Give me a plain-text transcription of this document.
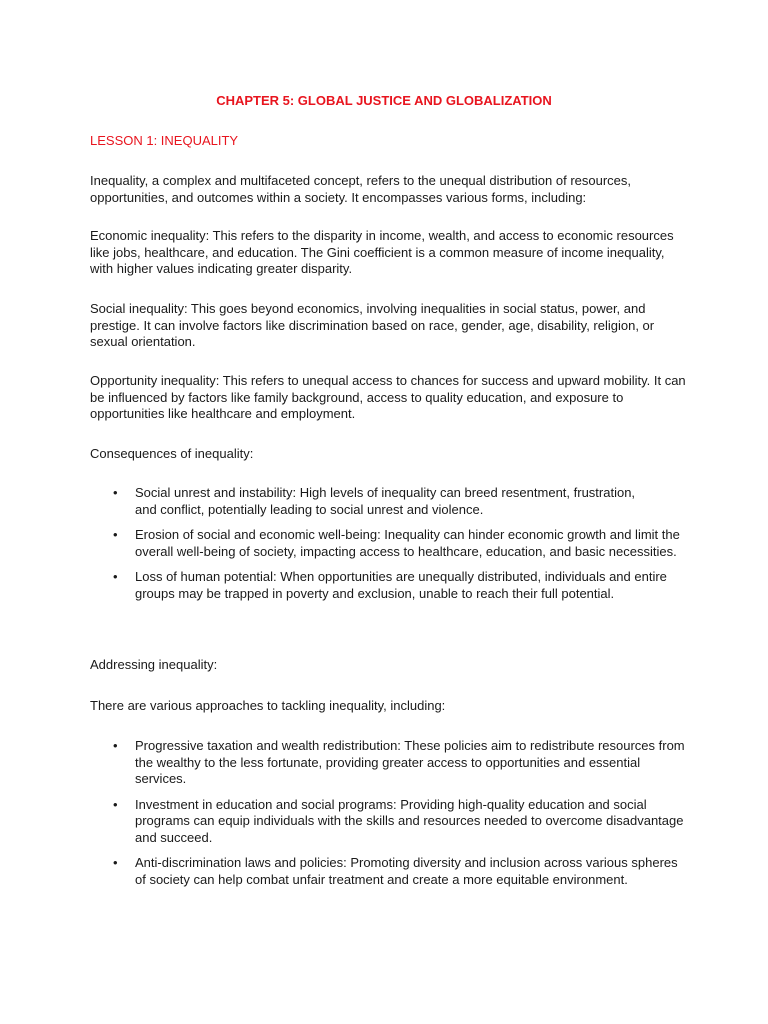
CHAPTER 5: GLOBAL JUSTICE AND GLOBALIZATION
LESSON 1: INEQUALITY

Inequality, a complex and multifaceted concept, refers to the unequal distribution of resources, opportunities, and outcomes within a society. It encompasses various forms, including:

Economic inequality: This refers to the disparity in income, wealth, and access to economic resources like jobs, healthcare, and education. The Gini coefficient is a common measure of income inequality, with higher values indicating greater disparity.

Social inequality: This goes beyond economics, involving inequalities in social status, power, and prestige. It can involve factors like discrimination based on race, gender, age, disability, religion, or sexual orientation.

Opportunity inequality: This refers to unequal access to chances for success and upward mobility. It can be influenced by factors like family background, access to quality education, and exposure to opportunities like healthcare and employment.

Consequences of inequality:

• Social unrest and instability: High levels of inequality can breed resentment, frustration, and conflict, potentially leading to social unrest and violence.
• Erosion of social and economic well-being: Inequality can hinder economic growth and limit the overall well-being of society, impacting access to healthcare, education, and basic necessities.
• Loss of human potential: When opportunities are unequally distributed, individuals and entire groups may be trapped in poverty and exclusion, unable to reach their full potential.

Addressing inequality:

There are various approaches to tackling inequality, including:

• Progressive taxation and wealth redistribution: These policies aim to redistribute resources from the wealthy to the less fortunate, providing greater access to opportunities and essential services.
• Investment in education and social programs: Providing high-quality education and social programs can equip individuals with the skills and resources needed to overcome disadvantage and succeed.
• Anti-discrimination laws and policies: Promoting diversity and inclusion across various spheres of society can help combat unfair treatment and create a more equitable environment.
